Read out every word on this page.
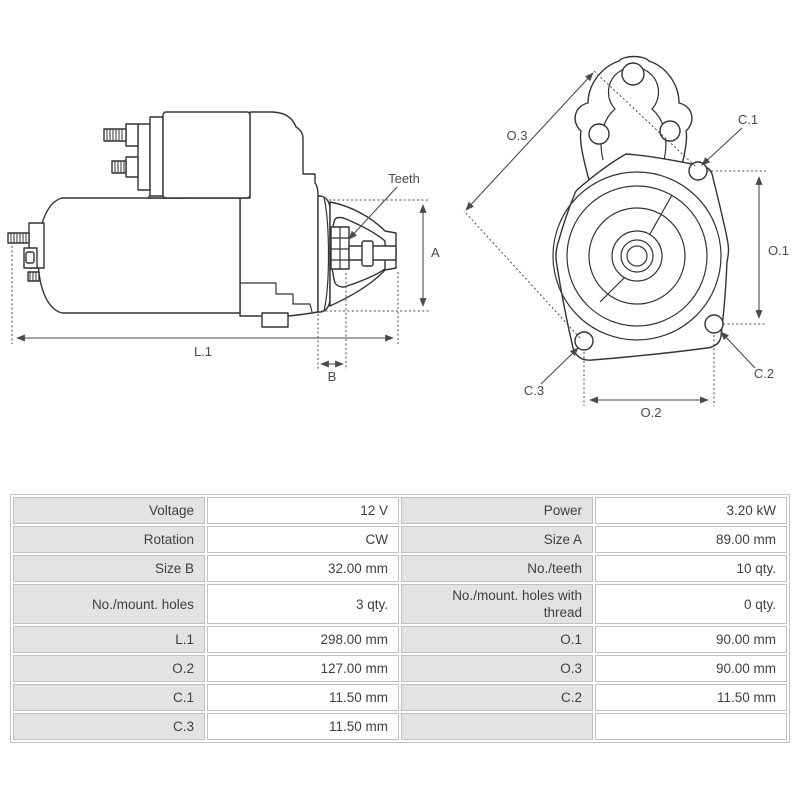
A
Teeth
L.1
B
O.3
C.1
O.1
C.2
C.3
O.2
Voltage	12 V	Power	3.20 kW
Rotation	CW	Size A	89.00 mm
Size B	32.00 mm	No./teeth	10 qty.
No./mount. holes	3 qty.	No./mount. holes with thread	0 qty.
L.1	298.00 mm	O.1	90.00 mm
O.2	127.00 mm	O.3	90.00 mm
C.1	11.50 mm	C.2	11.50 mm
C.3	11.50 mm		
